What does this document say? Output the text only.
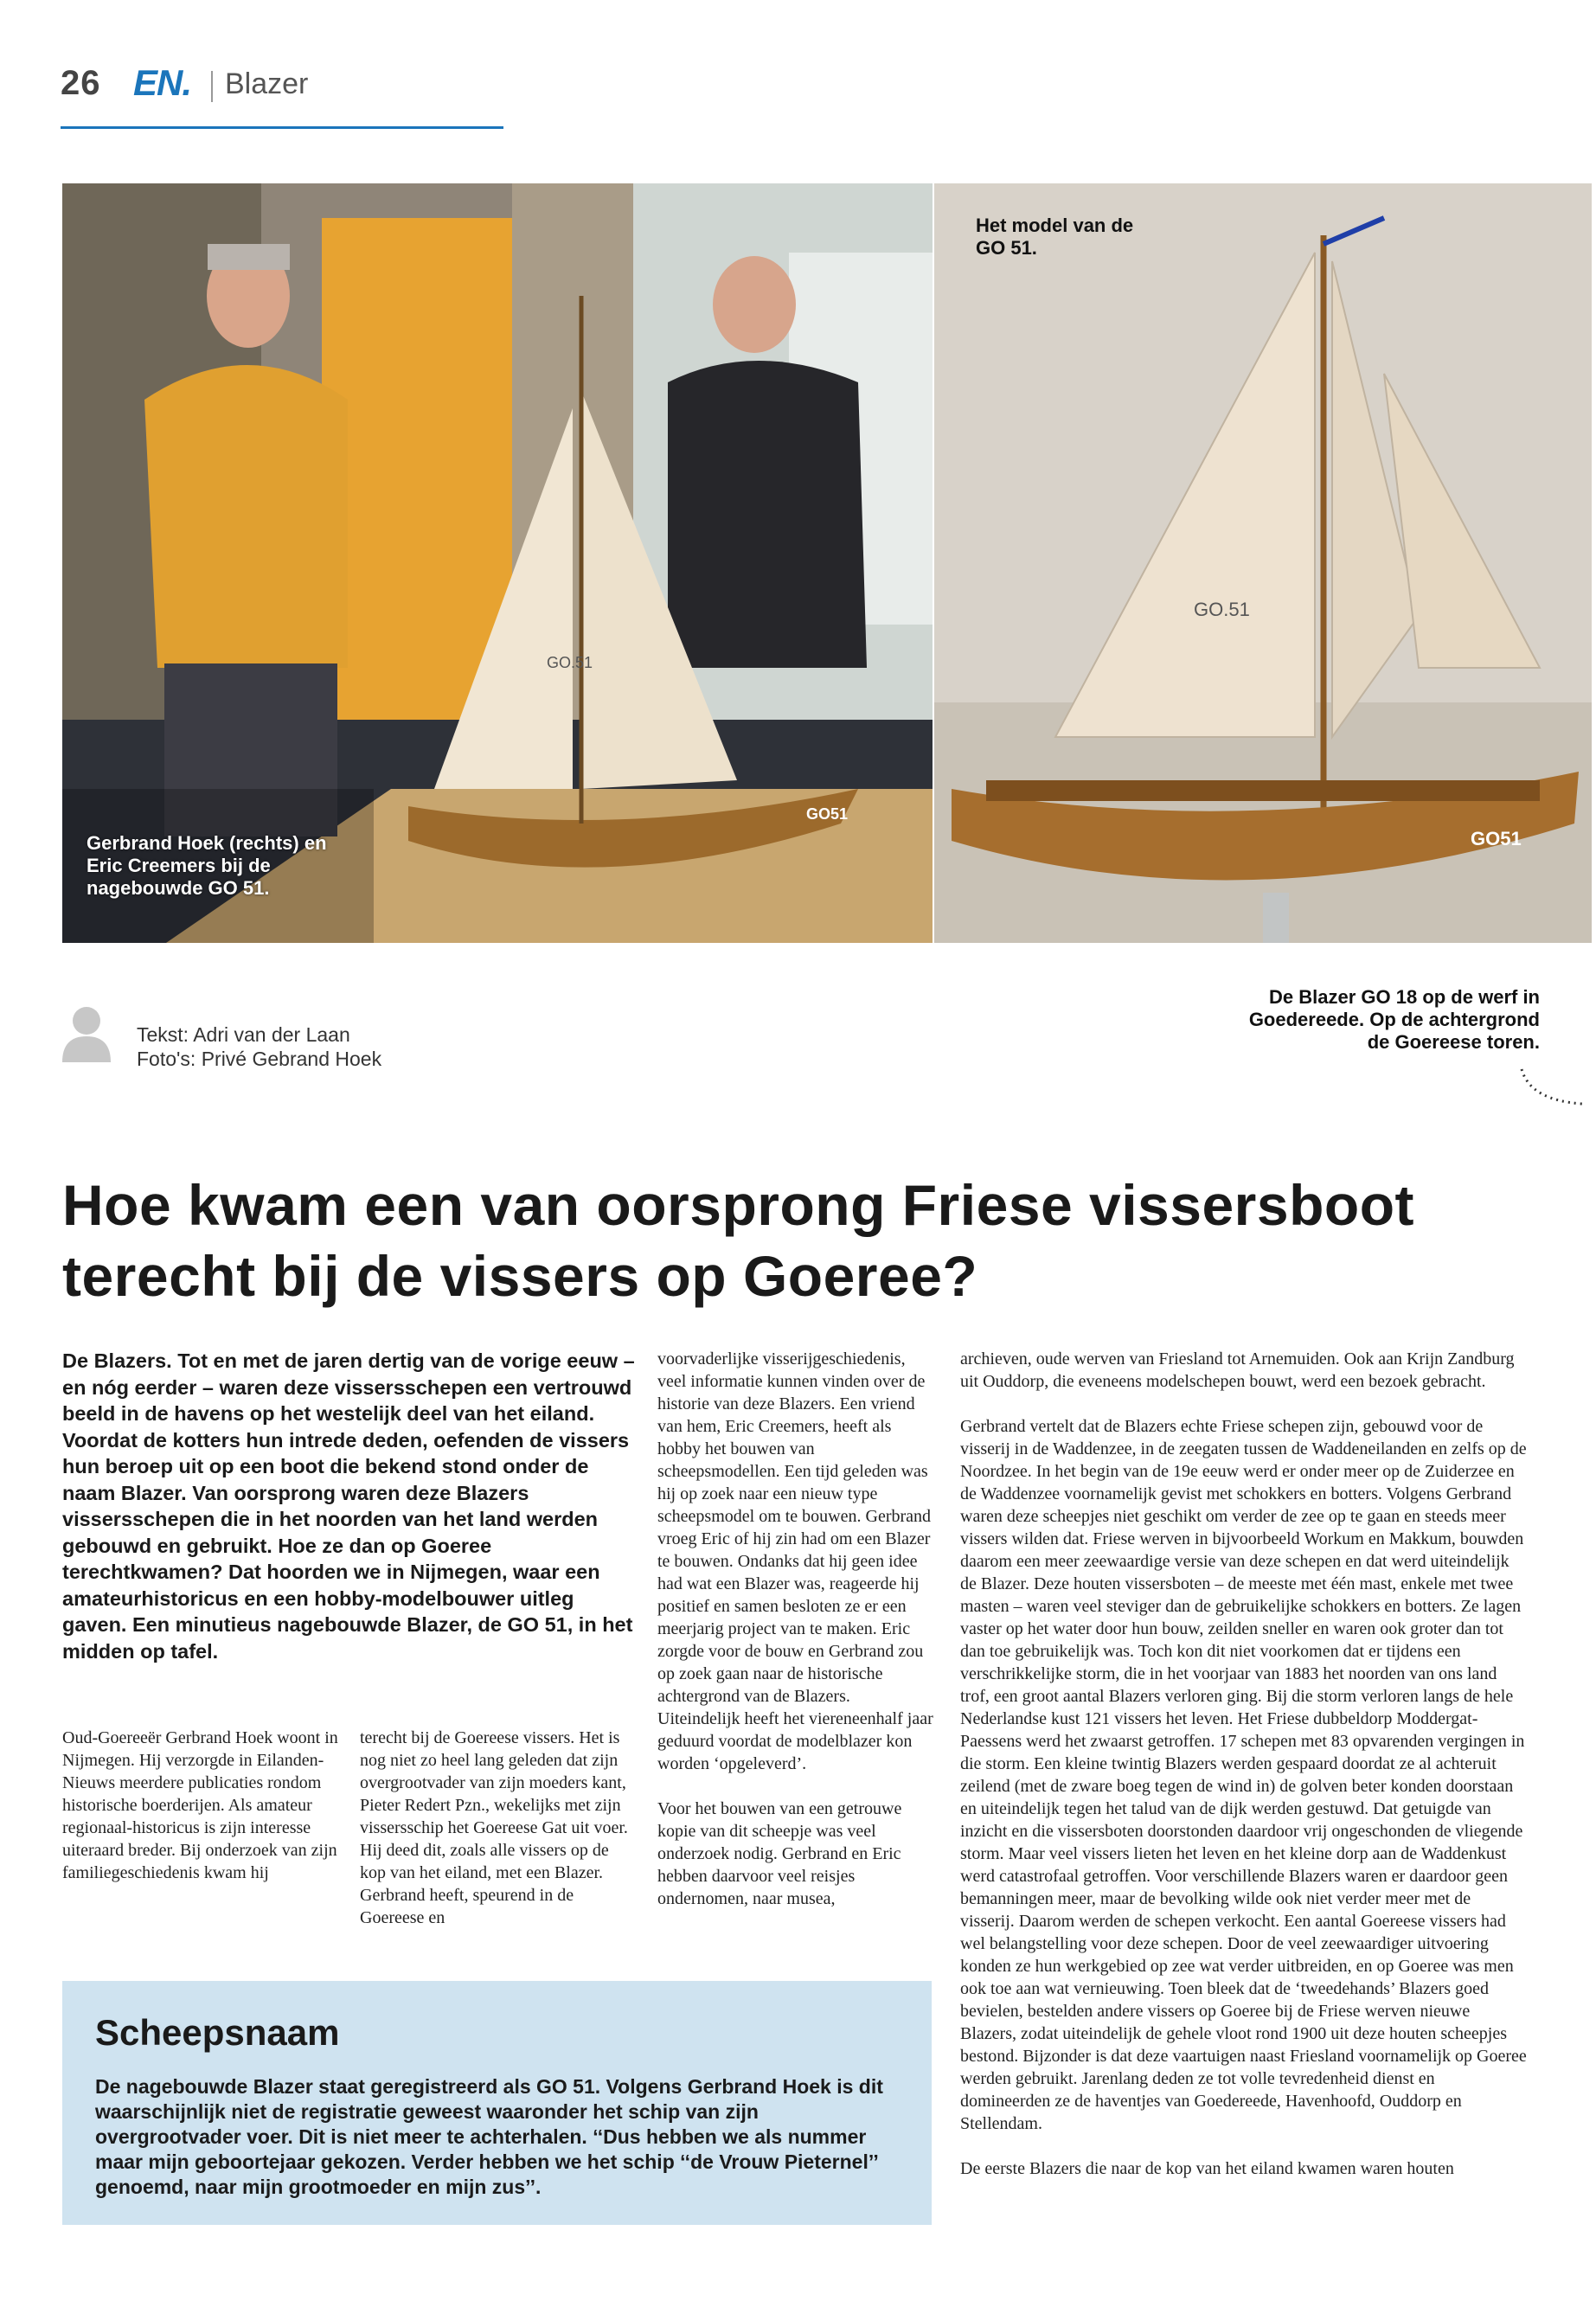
26 EN. Blazer
GO.51
GO51
GO.51
GO51
Gerbrand Hoek (rechts) en Eric Creemers bij de nagebouwde GO 51.
Het model van de GO 51.
De Blazer GO 18 op de werf in Goedereede. Op de achtergrond de Goereese toren.
Tekst: Adri van der Laan
Foto's: Privé Gebrand Hoek
Hoe kwam een van oorsprong Friese vissersboot terecht bij de vissers op Goeree?
De Blazers. Tot en met de jaren dertig van de vorige eeuw – en nóg eerder – waren deze vissersschepen een vertrouwd beeld in de havens op het westelijk deel van het eiland. Voordat de kotters hun intrede deden, oefenden de vissers hun beroep uit op een boot die bekend stond onder de naam Blazer. Van oorsprong waren deze Blazers vissersschepen die in het noorden van het land werden gebouwd en gebruikt. Hoe ze dan op Goeree terechtkwamen? Dat hoorden we in Nijmegen, waar een amateurhistoricus en een hobby-modelbouwer uitleg gaven. Een minutieus nagebouwde Blazer, de GO 51, in het midden op tafel.

Oud-Goereeër Gerbrand Hoek woont in Nijmegen. Hij verzorgde in Eilanden-Nieuws meerdere publicaties rondom historische boerderijen. Als amateur regionaal-historicus is zijn interesse uiteraard breder. Bij onderzoek van zijn familiegeschiedenis kwam hij

terecht bij de Goereese vissers. Het is nog niet zo heel lang geleden dat zijn overgrootvader van zijn moeders kant, Pieter Redert Pzn., wekelijks met zijn vissersschip het Goereese Gat uit voer. Hij deed dit, zoals alle vissers op de kop van het eiland, met een Blazer. Gerbrand heeft, speurend in de Goereese en

voorvaderlijke visserijgeschiedenis, veel informatie kunnen vinden over de historie van deze Blazers. Een vriend van hem, Eric Creemers, heeft als hobby het bouwen van scheepsmodellen. Een tijd geleden was hij op zoek naar een nieuw type scheepsmodel om te bouwen. Gerbrand vroeg Eric of hij zin had om een Blazer te bouwen. Ondanks dat hij geen idee had wat een Blazer was, reageerde hij positief en samen besloten ze er een meerjarig project van te maken. Eric zorgde voor de bouw en Gerbrand zou op zoek gaan naar de historische achtergrond van de Blazers. Uiteindelijk heeft het viereneenhalf jaar geduurd voordat de modelblazer kon worden ‘opgeleverd’.

Voor het bouwen van een getrouwe kopie van dit scheepje was veel onderzoek nodig. Gerbrand en Eric hebben daarvoor veel reisjes ondernomen, naar musea,

archieven, oude werven van Friesland tot Arnemuiden. Ook aan Krijn Zandburg uit Ouddorp, die eveneens modelschepen bouwt, werd een bezoek gebracht.

Gerbrand vertelt dat de Blazers echte Friese schepen zijn, gebouwd voor de visserij in de Waddenzee, in de zeegaten tussen de Waddeneilanden en zelfs op de Noordzee. In het begin van de 19e eeuw werd er onder meer op de Zuiderzee en de Waddenzee voornamelijk gevist met schokkers en botters. Volgens Gerbrand waren deze scheepjes niet geschikt om verder de zee op te gaan en steeds meer vissers wilden dat. Friese werven in bijvoorbeeld Workum en Makkum, bouwden daarom een meer zeewaardige versie van deze schepen en dat werd uiteindelijk de Blazer. Deze houten vissersboten – de meeste met één mast, enkele met twee masten – waren veel steviger dan de gebruikelijke schokkers en botters. Ze lagen vaster op het water door hun bouw, zeilden sneller en waren ook groter dan tot dan toe gebruikelijk was. Toch kon dit niet voorkomen dat er tijdens een verschrikkelijke storm, die in het voorjaar van 1883 het noorden van ons land trof, een groot aantal Blazers verloren ging. Bij die storm verloren langs de hele Nederlandse kust 121 vissers het leven. Het Friese dubbeldorp Moddergat-Paessens werd het zwaarst getroffen. 17 schepen met 83 opvarenden vergingen in die storm. Een kleine twintig Blazers werden gespaard doordat ze al achteruit zeilend (met de zware boeg tegen de wind in) de golven beter konden doorstaan en uiteindelijk tegen het talud van de dijk werden gestuwd. Dat getuigde van inzicht en die vissersboten doorstonden daardoor vrij ongeschonden de vliegende storm. Maar veel vissers lieten het leven en het kleine dorp aan de Waddenkust werd catastrofaal getroffen. Voor verschillende Blazers waren er daardoor geen bemanningen meer, maar de bevolking wilde ook niet verder meer met de visserij. Daarom werden de schepen verkocht. Een aantal Goereese vissers had wel belangstelling voor deze schepen. Door de veel zeewaardiger uitvoering konden ze hun werkgebied op zee wat verder uitbreiden, en op Goeree was men ook toe aan wat vernieuwing. Toen bleek dat de ‘tweedehands’ Blazers goed bevielen, bestelden andere vissers op Goeree bij de Friese werven nieuwe Blazers, zodat uiteindelijk de gehele vloot rond 1900 uit deze houten scheepjes bestond. Bijzonder is dat deze vaartuigen naast Friesland voornamelijk op Goeree werden gebruikt. Jarenlang deden ze tot volle tevredenheid dienst en domineerden ze de haventjes van Goedereede, Havenhoofd, Ouddorp en Stellendam.

De eerste Blazers die naar de kop van het eiland kwamen waren houten

Scheepsnaam
De nagebouwde Blazer staat geregistreerd als GO 51. Volgens Gerbrand Hoek is dit waarschijnlijk niet de registratie geweest waaronder het schip van zijn overgrootvader voer. Dit is niet meer te achterhalen. ‘‘Dus hebben we als nummer maar mijn geboortejaar gekozen. Verder hebben we het schip ‘‘de Vrouw Pieternel’’ genoemd, naar mijn grootmoeder en mijn zus’’.
